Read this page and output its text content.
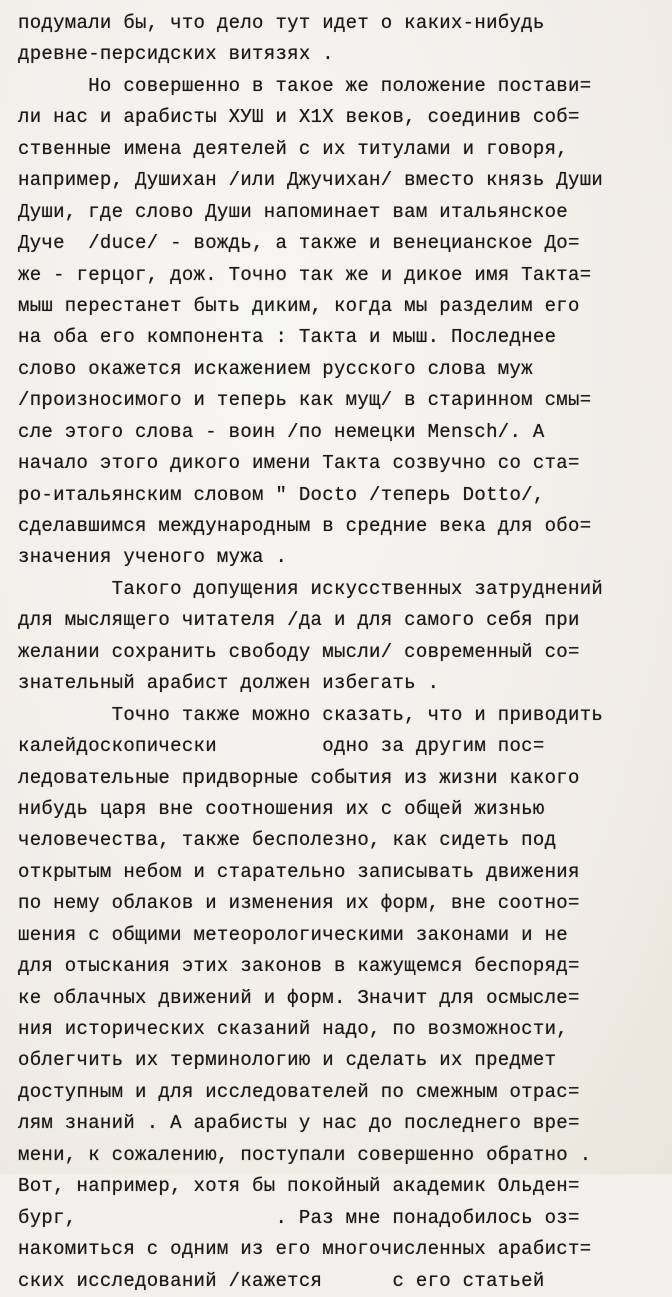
подумали бы, что дело тут идет о каких-нибудь
древне-персидских витязях .
Но совершенно в такое же положение постави=
ли нас и арабисты ХУШ и Х1Х веков, соединив соб=
ственные имена деятелей с их титулами и говоря,
например, Душихан /или Джучихан/ вместо князь Души
Души, где слово Души напоминает вам итальянское
Дуче  /duce/ - вождь, а также и венецианское До=
же - герцог, дож. Точно так же и дикое имя Такта=
мыш перестанет быть диким, когда мы разделим его
на оба его компонента : Такта и мыш. Последнее
слово окажется искажением русского слова муж
/произносимого и теперь как мущ/ в старинном смы=
сле этого слова - воин /по немецки Mensch/. А
начало этого дикого имени Такта созвучно со ста=
ро-итальянским словом " Docto /теперь Dotto/,
сделавшимся международным в средние века для обо=
значения ученого мужа .
Такого допущения искусственных затруднений
для мыслящего читателя /да и для самого себя при
желании сохранить свободу мысли/ современный со=
знательный арабист должен избегать .
Точно также можно сказать, что и приводить
калейдоскопически         одно за другим пос=
ледовательные придворные события из жизни какого
нибудь царя вне соотношения их с общей жизнью
человечества, также бесполезно, как сидеть под
открытым небом и старательно записывать движения
по нему облаков и изменения их форм, вне соотно=
шения с общими метеорологическими законами и не
для отыскания этих законов в кажущемся беспоряд=
ке облачных движений и форм. Значит для осмысле=
ния исторических сказаний надо, по возможности,
облегчить их терминологию и сделать их предмет
доступным и для исследователей по смежным отрас=
лям знаний . А арабисты у нас до последнего вре=
мени, к сожалению, поступали совершенно обратно .
Вот, например, хотя бы покойный академик Ольден=
бург,                 . Раз мне понадобилось оз=
накомиться с одним из его многочисленных арабист=
ских исследований /кажется      с его статьей
